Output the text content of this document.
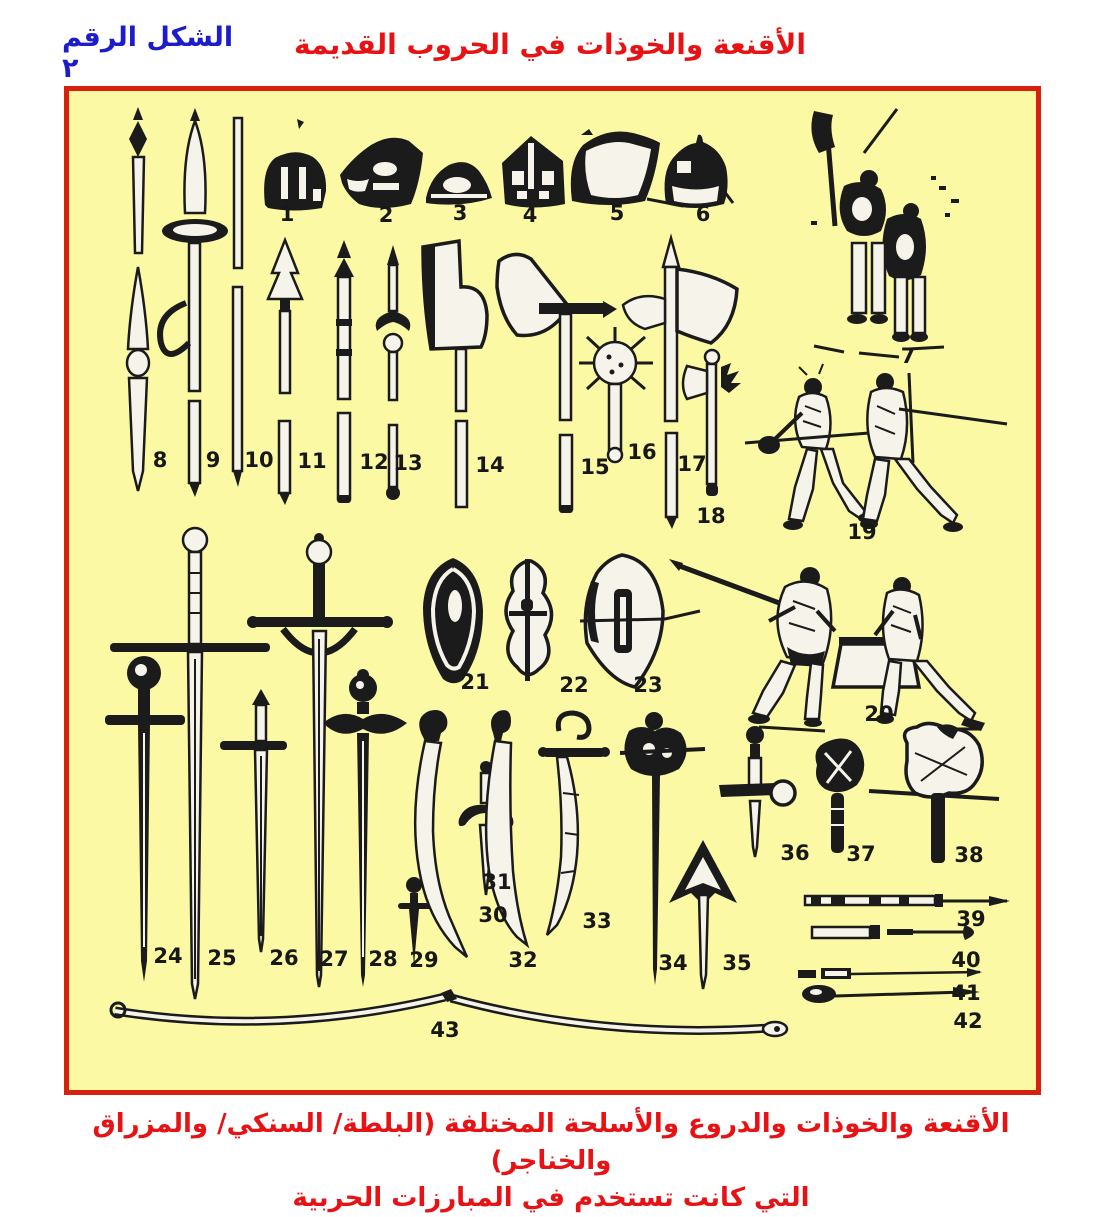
الشكل الرقم ٢
الأقنعة والخوذات في الحروب القديمة
1	2	3	4	5	6
7
8 9 10 11 12 13	14	15
16 17
18
19
20
21	22 23
24 25 26 27 28 29
30
31
32
33
34 35
36 37	38
39
40
41
42
43
الأقنعة والخوذات والدروع والأسلحة المختلفة (البلطة/ السنكي/ والمزراق والخناجر)
التي كانت تستخدم في المبارزات الحربية
